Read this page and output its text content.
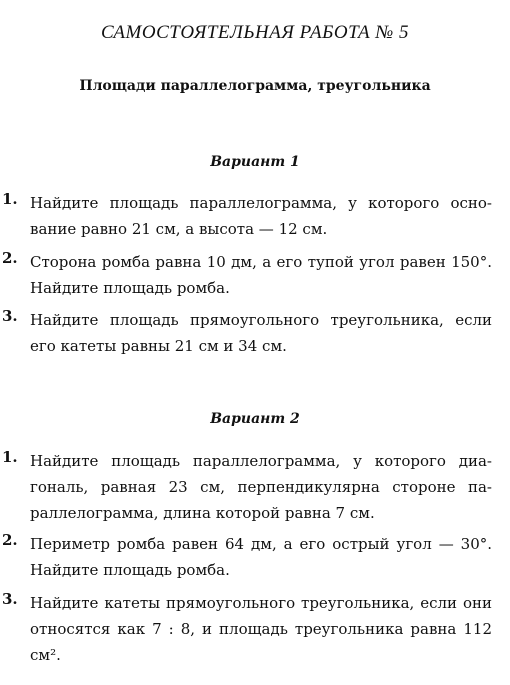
САМОСТОЯТЕЛЬНАЯ РАБОТА № 5
Площади параллелограмма, треугольника
Вариант 1
1. Найдите площадь параллелограмма, у которого основание равно 21 см, а высота — 12 см.
2. Сторона ромба равна 10 дм, а его тупой угол равен 150°. Найдите площадь ромба.
3. Найдите площадь прямоугольного треугольника, если его катеты равны 21 см и 34 см.
Вариант 2
1. Найдите площадь параллелограмма, у которого диагональ, равная 23 см, перпендикулярна стороне параллелограмма, длина которой равна 7 см.
2. Периметр ромба равен 64 дм, а его острый угол — 30°. Найдите площадь ромба.
3. Найдите катеты прямоугольного треугольника, если они относятся как 7 : 8, и площадь треугольника равна 112 см².
